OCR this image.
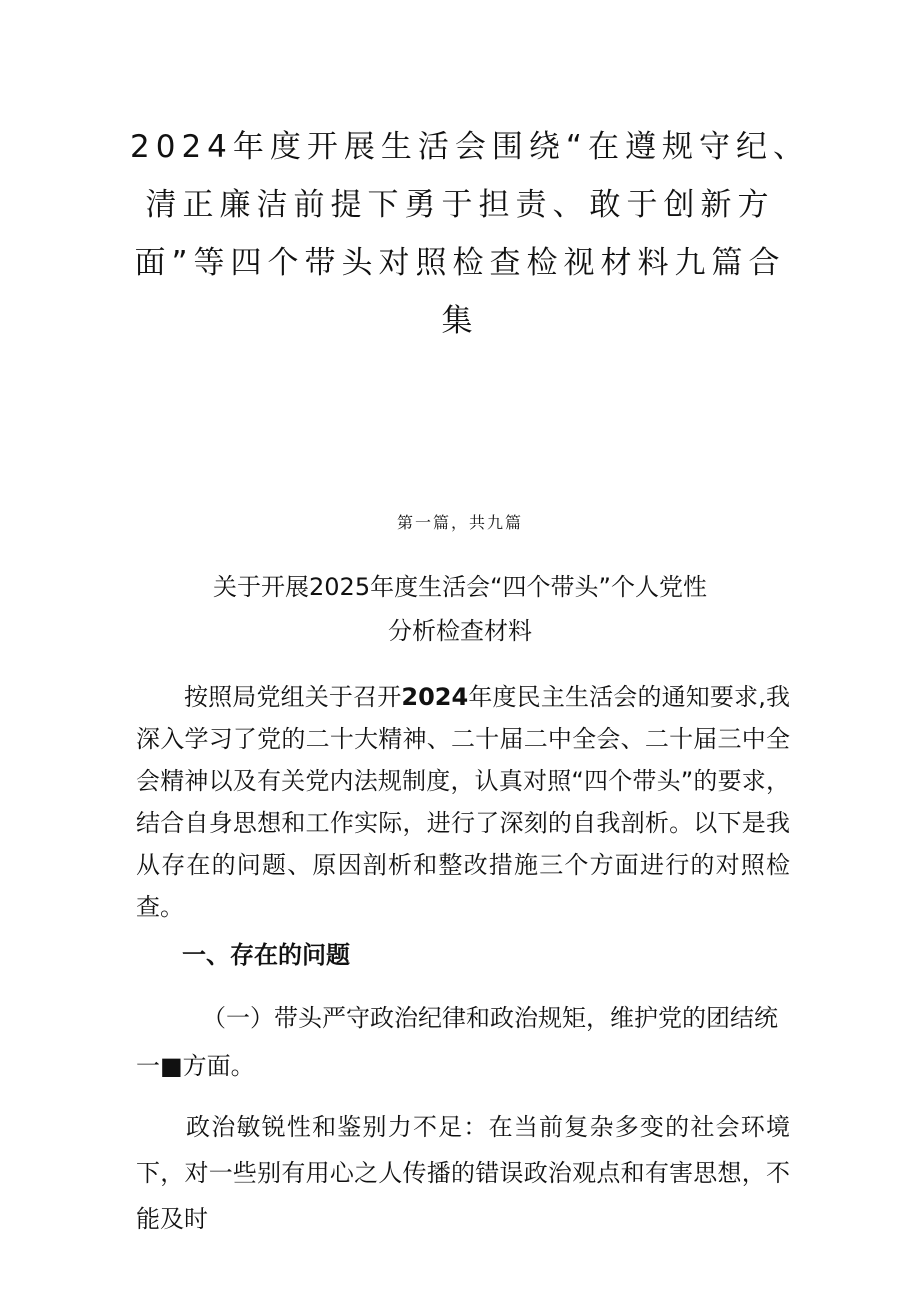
2024年度开展生活会围绕“在遵规守纪、
清正廉洁前提下勇于担责、敢于创新方
面”等四个带头对照检查检视材料九篇合
集
第一篇，共九篇
关于开展2025年度生活会“四个带头”个人党性
分析检查材料

按照局党组关于召开2024年度民主生活会的通知要求,我深入学习了党的二十大精神、二十届二中全会、二十届三中全会精神以及有关党内法规制度，认真对照“四个带头”的要求，结合自身思想和工作实际，进行了深刻的自我剖析。以下是我从存在的问题、原因剖析和整改措施三个方面进行的对照检查。

一、存在的问题

（一）带头严守政治纪律和政治规矩，维护党的团结统一■方面。

政治敏锐性和鉴别力不足：在当前复杂多变的社会环境下，对一些别有用心之人传播的错误政治观点和有害思想，不能及时
